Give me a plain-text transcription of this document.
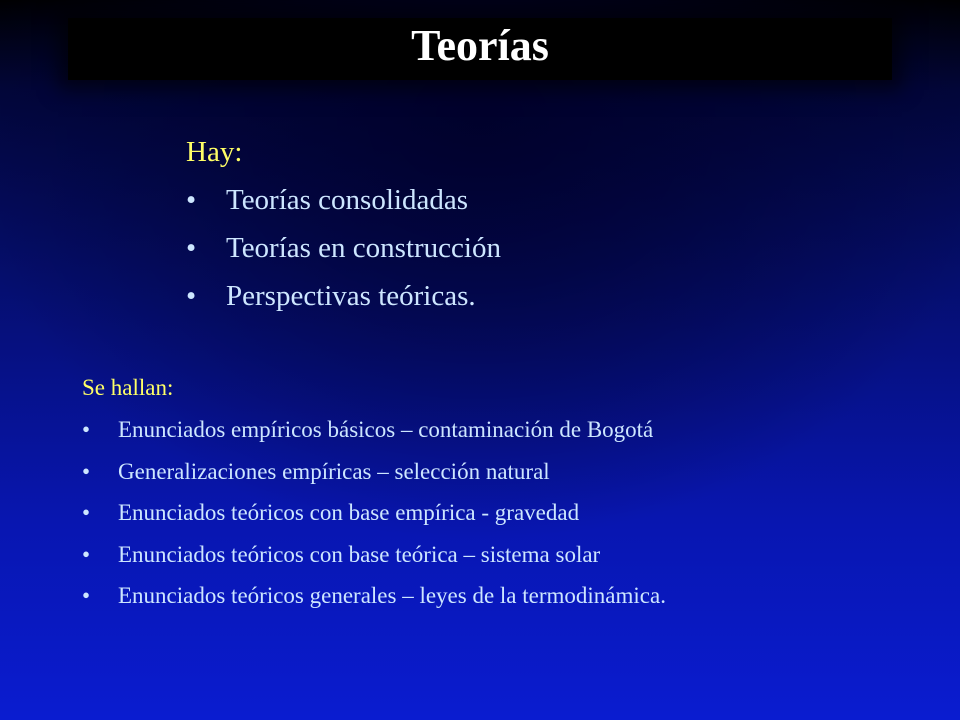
Teorías

Hay:

•	Teorías consolidadas
•	Teorías en construcción
•	Perspectivas teóricas.

Se hallan:

•	Enunciados empíricos básicos – contaminación de Bogotá
•	Generalizaciones empíricas – selección natural
•	Enunciados teóricos con base empírica - gravedad
•	Enunciados teóricos con base teórica – sistema solar
•	Enunciados teóricos generales – leyes de la termodinámica.
